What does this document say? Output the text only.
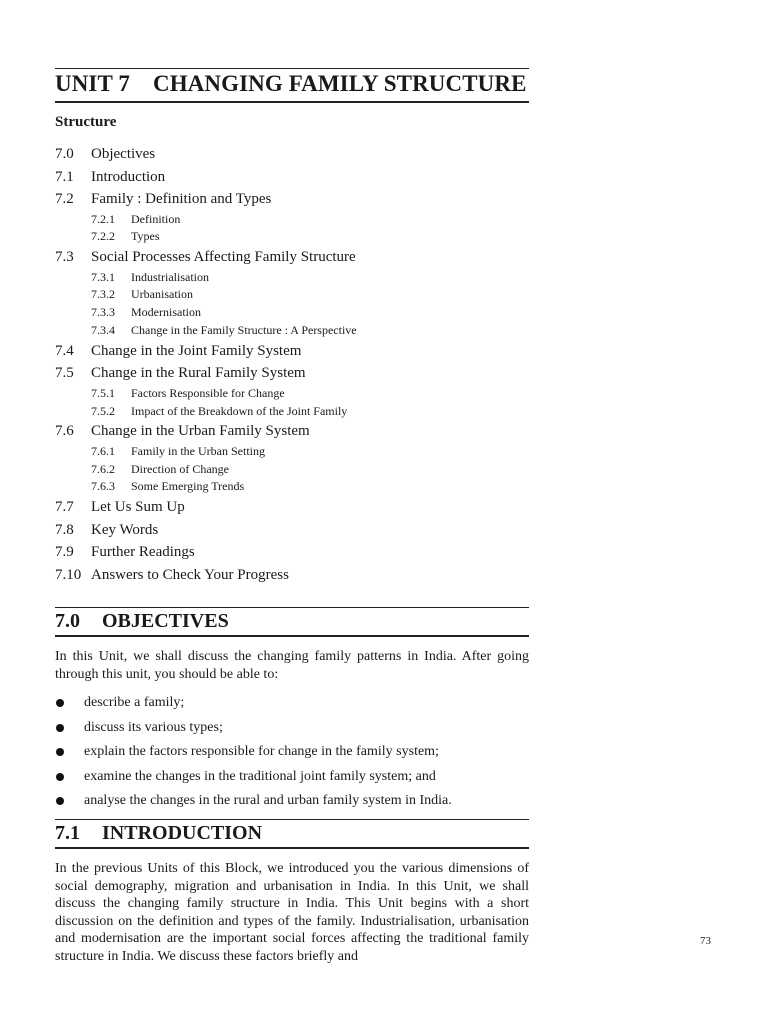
UNIT 7 CHANGING FAMILY STRUCTURE
Structure
7.0 Objectives
7.1 Introduction
7.2 Family : Definition and Types
7.2.1 Definition
7.2.2 Types
7.3 Social Processes Affecting Family Structure
7.3.1 Industrialisation
7.3.2 Urbanisation
7.3.3 Modernisation
7.3.4 Change in the Family Structure : A Perspective
7.4 Change in the Joint Family System
7.5 Change in the Rural Family System
7.5.1 Factors Responsible for Change
7.5.2 Impact of the Breakdown of the Joint Family
7.6 Change in the Urban Family System
7.6.1 Family in the Urban Setting
7.6.2 Direction of Change
7.6.3 Some Emerging Trends
7.7 Let Us Sum Up
7.8 Key Words
7.9 Further Readings
7.10 Answers to Check Your Progress
7.0 OBJECTIVES

In this Unit, we shall discuss the changing family patterns in India. After going through this unit, you should be able to:

describe a family;
discuss its various types;
explain the factors responsible for change in the family system;
examine the changes in the traditional joint family system; and
analyse the changes in the rural and urban family system in India.
7.1 INTRODUCTION

In the previous Units of this Block, we introduced you the various dimensions of social demography, migration and urbanisation in India. In this Unit, we shall discuss the changing family structure in India. This Unit begins with a short discussion on the definition and types of the family. Industrialisation, urbanisation and modernisation are the important social forces affecting the traditional family structure in India. We discuss these factors briefly and

73
